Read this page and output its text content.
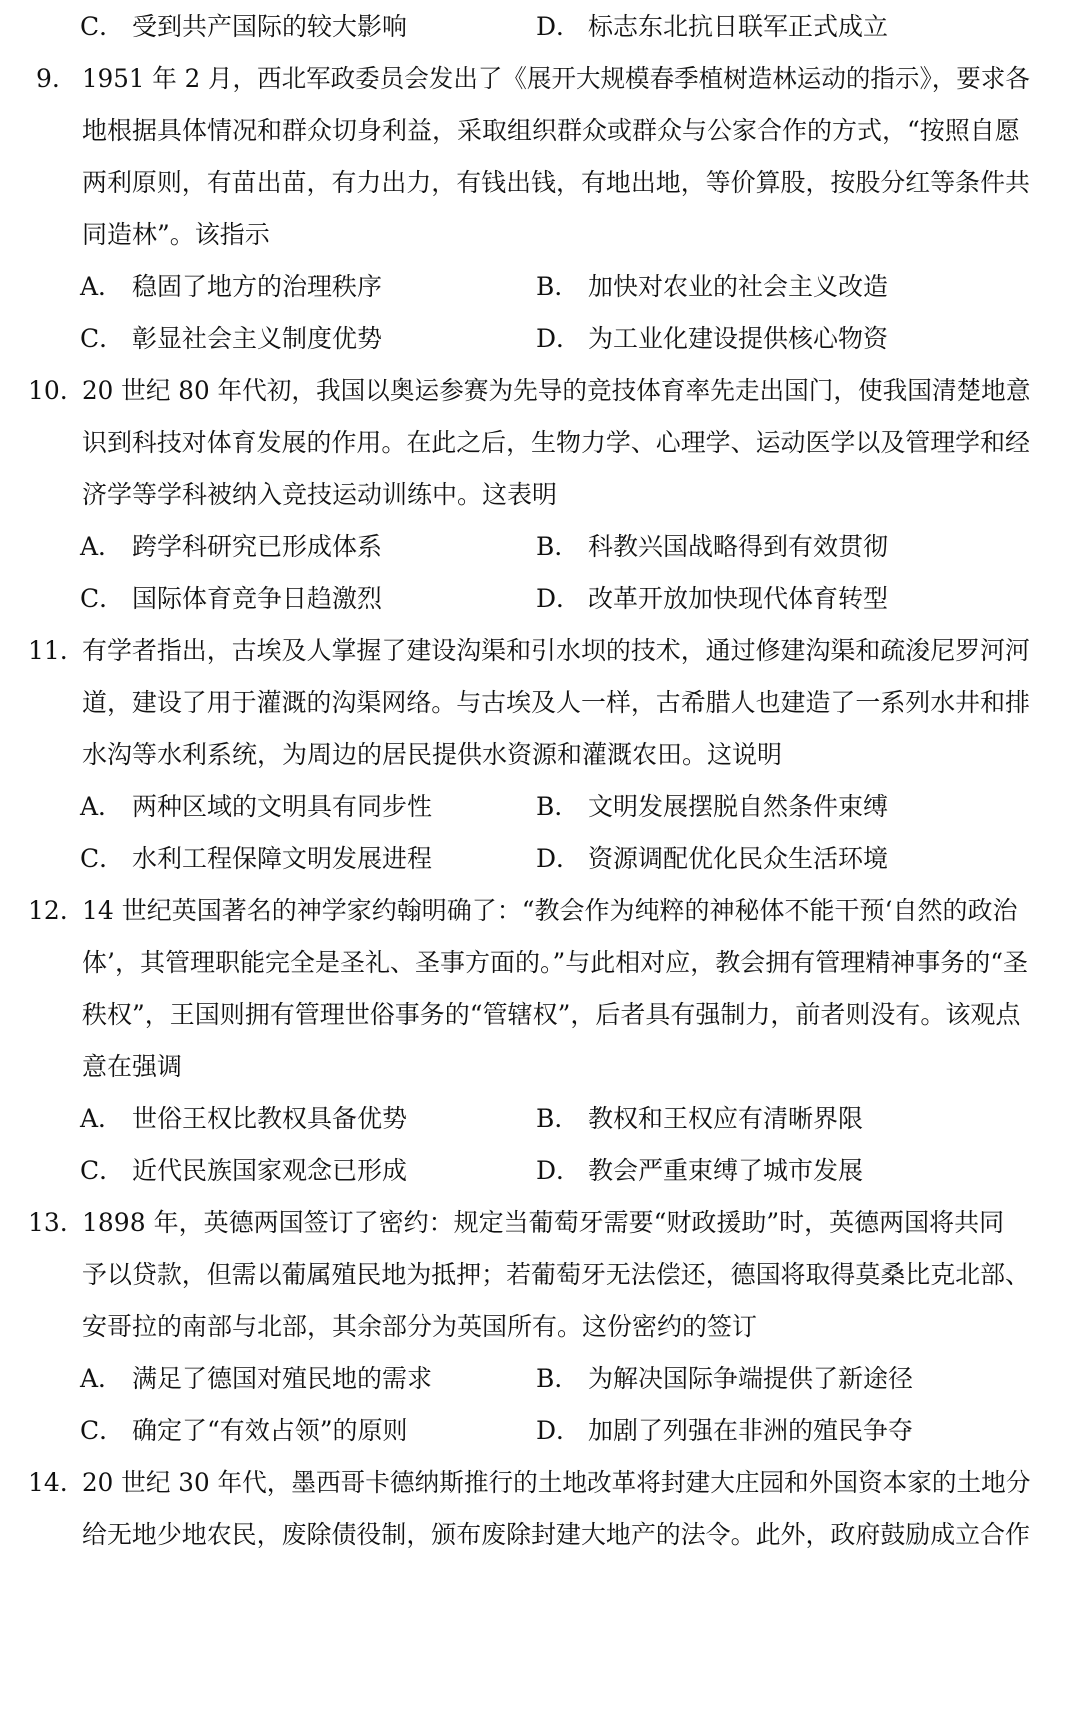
C． 受到共产国际的较大影响	D． 标志东北抗日联军正式成立
9. 1951 年 2 月，西北军政委员会发出了《展开大规模春季植树造林运动的指示》，要求各
地根据具体情况和群众切身利益，采取组织群众或群众与公家合作的方式，“按照自愿
两利原则，有苗出苗，有力出力，有钱出钱，有地出地，等价算股，按股分红等条件共
同造林”。该指示
A． 稳固了地方的治理秩序	B． 加快对农业的社会主义改造
C． 彰显社会主义制度优势	D． 为工业化建设提供核心物资
10. 20 世纪 80 年代初，我国以奥运参赛为先导的竞技体育率先走出国门，使我国清楚地意
识到科技对体育发展的作用。在此之后，生物力学、心理学、运动医学以及管理学和经
济学等学科被纳入竞技运动训练中。这表明
A． 跨学科研究已形成体系	B． 科教兴国战略得到有效贯彻
C． 国际体育竞争日趋激烈	D． 改革开放加快现代体育转型
11. 有学者指出，古埃及人掌握了建设沟渠和引水坝的技术，通过修建沟渠和疏浚尼罗河河
道，建设了用于灌溉的沟渠网络。与古埃及人一样，古希腊人也建造了一系列水井和排
水沟等水利系统，为周边的居民提供水资源和灌溉农田。这说明
A． 两种区域的文明具有同步性	B． 文明发展摆脱自然条件束缚
C． 水利工程保障文明发展进程	D． 资源调配优化民众生活环境
12. 14 世纪英国著名的神学家约翰明确了：“教会作为纯粹的神秘体不能干预‘自然的政治
体’，其管理职能完全是圣礼、圣事方面的。”与此相对应，教会拥有管理精神事务的“圣
秩权”，王国则拥有管理世俗事务的“管辖权”，后者具有强制力，前者则没有。该观点
意在强调
A． 世俗王权比教权具备优势	B． 教权和王权应有清晰界限
C． 近代民族国家观念已形成	D． 教会严重束缚了城市发展
13. 1898 年，英德两国签订了密约：规定当葡萄牙需要“财政援助”时，英德两国将共同
予以贷款，但需以葡属殖民地为抵押；若葡萄牙无法偿还，德国将取得莫桑比克北部、
安哥拉的南部与北部，其余部分为英国所有。这份密约的签订
A． 满足了德国对殖民地的需求	B． 为解决国际争端提供了新途径
C． 确定了“有效占领”的原则	D． 加剧了列强在非洲的殖民争夺
14. 20 世纪 30 年代，墨西哥卡德纳斯推行的土地改革将封建大庄园和外国资本家的土地分
给无地少地农民，废除债役制，颁布废除封建大地产的法令。此外，政府鼓励成立合作
